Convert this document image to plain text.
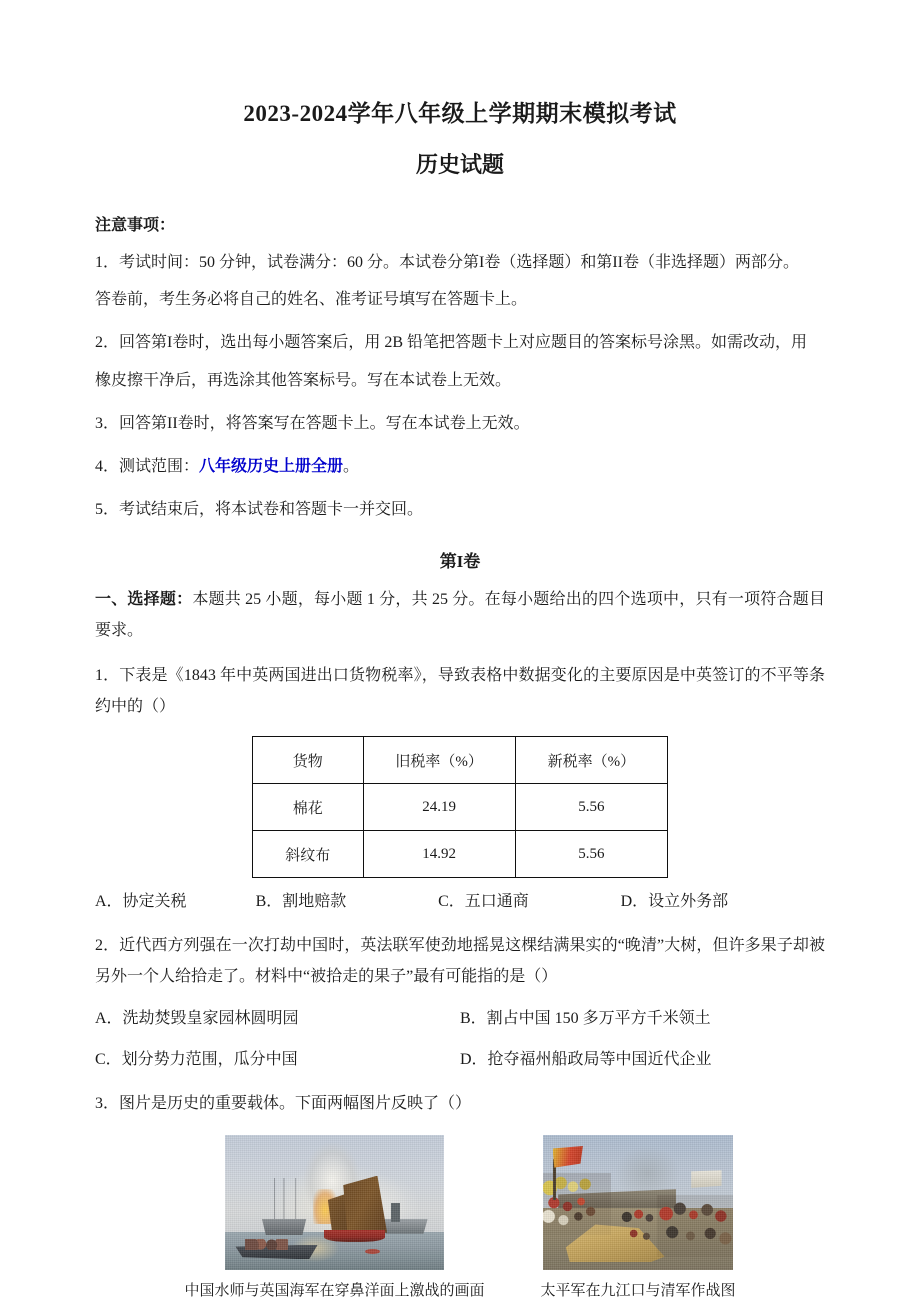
2023-2024学年八年级上学期期末模拟考试
历史试题
注意事项：
1．考试时间：50 分钟，试卷满分：60 分。本试卷分第I卷（选择题）和第II卷（非选择题）两部分。
答卷前，考生务必将自己的姓名、准考证号填写在答题卡上。
2．回答第I卷时，选出每小题答案后，用 2B 铅笔把答题卡上对应题目的答案标号涂黑。如需改动，用
橡皮擦干净后，再选涂其他答案标号。写在本试卷上无效。
3．回答第II卷时，将答案写在答题卡上。写在本试卷上无效。
4．测试范围：八年级历史上册全册。
5．考试结束后，将本试卷和答题卡一并交回。
第I卷
一、选择题：本题共 25 小题，每小题 1 分，共 25 分。在每小题给出的四个选项中，只有一项符合题目要求。
1．下表是《1843 年中英两国进出口货物税率》，导致表格中数据变化的主要原因是中英签订的不平等条约中的（）
货物	旧税率（%）	新税率（%）
棉花	24.19	5.56
斜纹布	14.92	5.56
A．协定关税	B．割地赔款	C．五口通商	D．设立外务部
2．近代西方列强在一次打劫中国时，英法联军使劲地摇晃这棵结满果实的“晚清”大树，但许多果子却被另外一个人给拾走了。材料中“被拾走的果子”最有可能指的是（）
A．洗劫焚毁皇家园林圆明园	B．割占中国 150 多万平方千米领土
C．划分势力范围，瓜分中国	D．抢夺福州船政局等中国近代企业
3．图片是历史的重要载体。下面两幅图片反映了（）
中国水师与英国海军在穿鼻洋面上激战的画面	太平军在九江口与清军作战图
